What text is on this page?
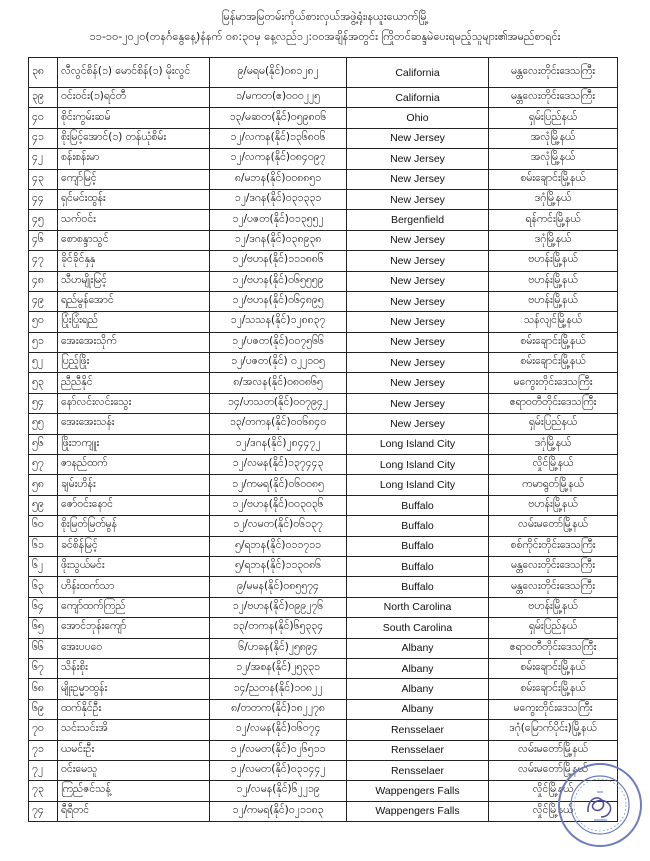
မြန်မာအမြတမ်းကိုယ်စားလှယ်အဖွဲ့ရုံး၊နယူးယောက်မြို့
၁၁-၁၀-၂၀၂၀(တနင်္ဂနွေနေ့)နံနက် ၀၈:၃၀မှ နေ့လည်၁၂:၀၀အချိန်အတွင်း ကြိုတင်ဆန္ဒမဲပေးရမည့်သူများ၏အမည်စာရင်း
၃၈	လီလွင်စိန်(၁) မောင်စိန်(၁) မိုးလွင်	၉/မရမ(နိုင်)၀၈၁၂၈၂	California	မန္တလေးတိုင်းဒေသကြီး
၃၉	ဝင်းဝင်း(၁)ရင်တီ	၁/မကတ(ဧ)၀၀၀၂၂၅	California	မန္တလေးတိုင်းဒေသကြီး
၄၀	စိုင်းကွမ်းဆမ်	၁၃/မဆတ(နိုင်)၀၅၉၈၀၆	Ohio	ရှမ်းပြည်နယ်
၄၁	စိုးမြင့်အောင်(၁) တန်ယုံစိမ်း	၁၂/လကန(နိုင်)၁၃၆၈၀၆	New Jersey	အလုံမြို့နယ်
၄၂	စန်းစန်းမာ	၁၂/လကန(နိုင်)၀၈၄၀၉၇	New Jersey	အလုံမြို့နယ်
၄၃	ကျော်မြင့်	၈/မဘန(နိုင်)၀၀၈၈၅၁	New Jersey	စမ်းချောင်းမြို့နယ်
၄၄	ရှင်မင်းထွန်း	၁၂/ဒဂန(နိုင်)၀၃၁၃၃၁	New Jersey	ဒဂုံမြို့နယ်
၄၅	သက်ဝင်း	၁၂/ပဇတ(နိုင်)၀၁၃၅၅၂	Bergenfield	ရန်ကင်းမြို့နယ်
၄၆	စောစန္ဒာသွင်	၁၂/ဒဂန(နိုင်)၀၃၈၉၃၈	New Jersey	ဒဂုံမြို့နယ်
၄၇	ခိုင်ခိုင်နှနှ	၁၂/ဗဟန(နိုင်)၁၁၁၈၈၆	New Jersey	ဗဟန်းမြို့နယ်
၄၈	သီဟမျိုးမြင့်	၁၂/ဗဟန(နိုင်)၀၆၅၅၅၉	New Jersey	ဗဟန်းမြို့နယ်
၄၉	ရည်မွန်အောင်	၁၂/ဗဟန(နိုင်)၀၆၄၈၉၅	New Jersey	ဗဟန်းမြို့နယ်
၅၀	ပြုံးပြုံးရည်	၁၂/သသန(နိုင်)၁၂၈၈၃၇	New Jersey	သန်လျင်မြို့နယ်
၅၁	အေးအေးသိုက်	၁၂/ပဇတ(နိုင်)၀၀၇၅၆၆	New Jersey	စမ်းချောင်းမြို့နယ်
၅၂	ပြည့်ဖြိုး	၁၂/ပဇတ(နိုင်) ၀၂၂၁၀၅	New Jersey	စမ်းချောင်းမြို့နယ်
၅၃	ညီညီနိုင်	၈/အလန(နိုင်)၀၈၀၈၆၅	New Jersey	မကွေးတိုင်းဒေသကြီး
၅၄	နော်လင်းလင်းသွေး	၁၄/ဟသတ(နိုင်)၀၀၇၉၄၂	New Jersey	ဧရာဝတီတိုင်းဒေသကြီး
၅၅	အေးအေးသန်း	၁၃/တကန(နိုင်)၀၀၆၈၄၀	New Jersey	ရှမ်းပြည်နယ်
၅၆	ဖြိုးဘကျူး	၁၂/ဒဂန(နိုင်)၂၈၄၄၇၂	Long Island City	ဒဂုံမြို့နယ်
၅၇	ဇာနည်ထက်	၁၂/လမန(နိုင်)၁၃၇၄၄၃	Long Island City	လှိုင်မြို့နယ်
၅၈	ချမ်းဟိန်း	၁၂/ကမရ(နိုင်)၀၆၀၀၈၅	Long Island City	ကမာရွတ်မြို့နယ်
၅၉	ဇော်ဝင်းနောင်	၁၂/ဗဟန(နိုင်)၀၀၃၀၃၆	Buffalo	ဗဟန်းမြို့နယ်
၆၀	စိုးမြတ်မြတ်မွန်	၁၂/လမတ(နိုင်)၀၆၁၃၇	Buffalo	လမ်းမတော်မြို့နယ်
၆၁	ခင်စိန်မြင့်	၅/ရဘန(နိုင်)၀၁၁၇၁၁	Buffalo	စစ်ကိုင်းတိုင်းဒေသကြီး
၆၂	ဖိုးသွယ်မင်း	၅/ရဘန(နိုင်)၁၁၃၀၈၆	Buffalo	မန္တလေးတိုင်းဒေသကြီး
၆၃	ဟိန်းထက်သာ	၉/မမန(နိုင်)၀၈၅၅၇၄	Buffalo	မန္တလေးတိုင်းဒေသကြီး
၆၄	ကျော်ထက်ကြည်	၁၂/ဗဟန(နိုင်)၀၉၉၂၇၆	North Carolina	ဗဟန်းမြို့နယ်
၆၅	အောင်ဘုန်းကျော်	၁၃/တကန(နိုင်)၆၅၃၃၄	South Carolina	ရှမ်းပြည်နယ်
၆၆	အေးပပဝေ	၆/ဟခန(နိုင်)၂၅၈၉၄	Albany	ဧရာဝတီတိုင်းဒေသကြီး
၆၇	သိန်းစိုး	၁၂/အစန(နိုင်)၂၅၃၃၁	Albany	စမ်းချောင်းမြို့နယ်
၆၈	မျိုးဥမ္မာထွန်း	၁၄/ညတန(နိုင်)၁၀၈၂၂	Albany	စမ်းချောင်းမြို့နယ်
၆၉	ထက်နိုင်ဦး	၈/တတက(နိုင်)၁၈၂၂၇၈	Albany	မကွေးတိုင်းဒေသကြီး
၇၀	သင်းသင်းအိ	၁၂/လမန(နိုင်)၀၆၀၇၄	Rensselaer	ဒဂုံ(မြောက်ပိုင်း)မြို့နယ်
၇၁	ယမင်းဦး	၁၂/လမတ(နိုင်)၀၂၆၅၁၁	Rensselaer	လမ်းမတော်မြို့နယ်
၇၂	ဝင်းမေသူ	၁၂/လမတ(နိုင်)၀၃၁၄၄၂	Rensselaer	လမ်းမတော်မြို့နယ်
၇၃	ကြည်ဇင်သန့်	၁၂/လမန(နိုင်)၆၂၂၁၉	Wappengers Falls	လှိုင်မြို့နယ်
၇၄	ရီရီတင်	၁၂/ကမရ(နိုင်)၀၂၁၁၈၃	Wappengers Falls	လှိုင်မြို့နယ်
